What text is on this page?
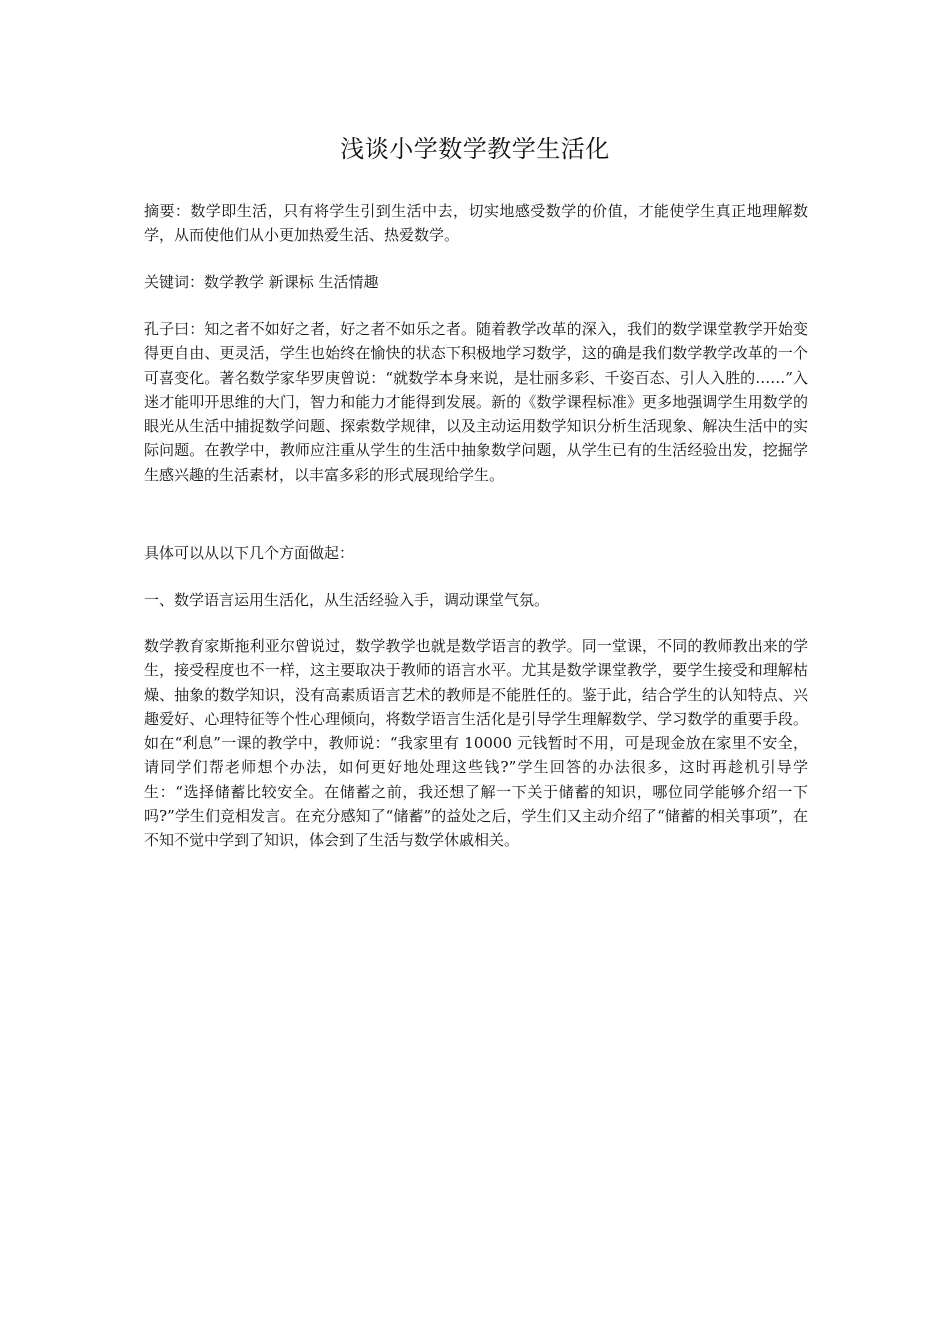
浅谈小学数学教学生活化

摘要：数学即生活，只有将学生引到生活中去，切实地感受数学的价值，才能使学生真正地理解数学，从而使他们从小更加热爱生活、热爱数学。

关键词：数学教学 新课标 生活情趣

孔子曰：知之者不如好之者，好之者不如乐之者。随着教学改革的深入，我们的数学课堂教学开始变得更自由、更灵活，学生也始终在愉快的状态下积极地学习数学，这的确是我们数学教学改革的一个可喜变化。著名数学家华罗庚曾说：“就数学本身来说，是壮丽多彩、千姿百态、引人入胜的……”入迷才能叩开思维的大门，智力和能力才能得到发展。新的《数学课程标准》更多地强调学生用数学的眼光从生活中捕捉数学问题、探索数学规律，以及主动运用数学知识分析生活现象、解决生活中的实际问题。在教学中，教师应注重从学生的生活中抽象数学问题，从学生已有的生活经验出发，挖掘学生感兴趣的生活素材，以丰富多彩的形式展现给学生。

具体可以从以下几个方面做起：

一、数学语言运用生活化，从生活经验入手，调动课堂气氛。

数学教育家斯拖利亚尔曾说过，数学教学也就是数学语言的教学。同一堂课，不同的教师教出来的学生，接受程度也不一样，这主要取决于教师的语言水平。尤其是数学课堂教学，要学生接受和理解枯燥、抽象的数学知识，没有高素质语言艺术的教师是不能胜任的。鉴于此，结合学生的认知特点、兴趣爱好、心理特征等个性心理倾向，将数学语言生活化是引导学生理解数学、学习数学的重要手段。如在“利息”一课的教学中，教师说：“我家里有 10000 元钱暂时不用，可是现金放在家里不安全，请同学们帮老师想个办法，如何更好地处理这些钱?”学生回答的办法很多，这时再趁机引导学生：“选择储蓄比较安全。在储蓄之前，我还想了解一下关于储蓄的知识，哪位同学能够介绍一下吗?”学生们竞相发言。在充分感知了“储蓄”的益处之后，学生们又主动介绍了“储蓄的相关事项”，在不知不觉中学到了知识，体会到了生活与数学休戚相关。
